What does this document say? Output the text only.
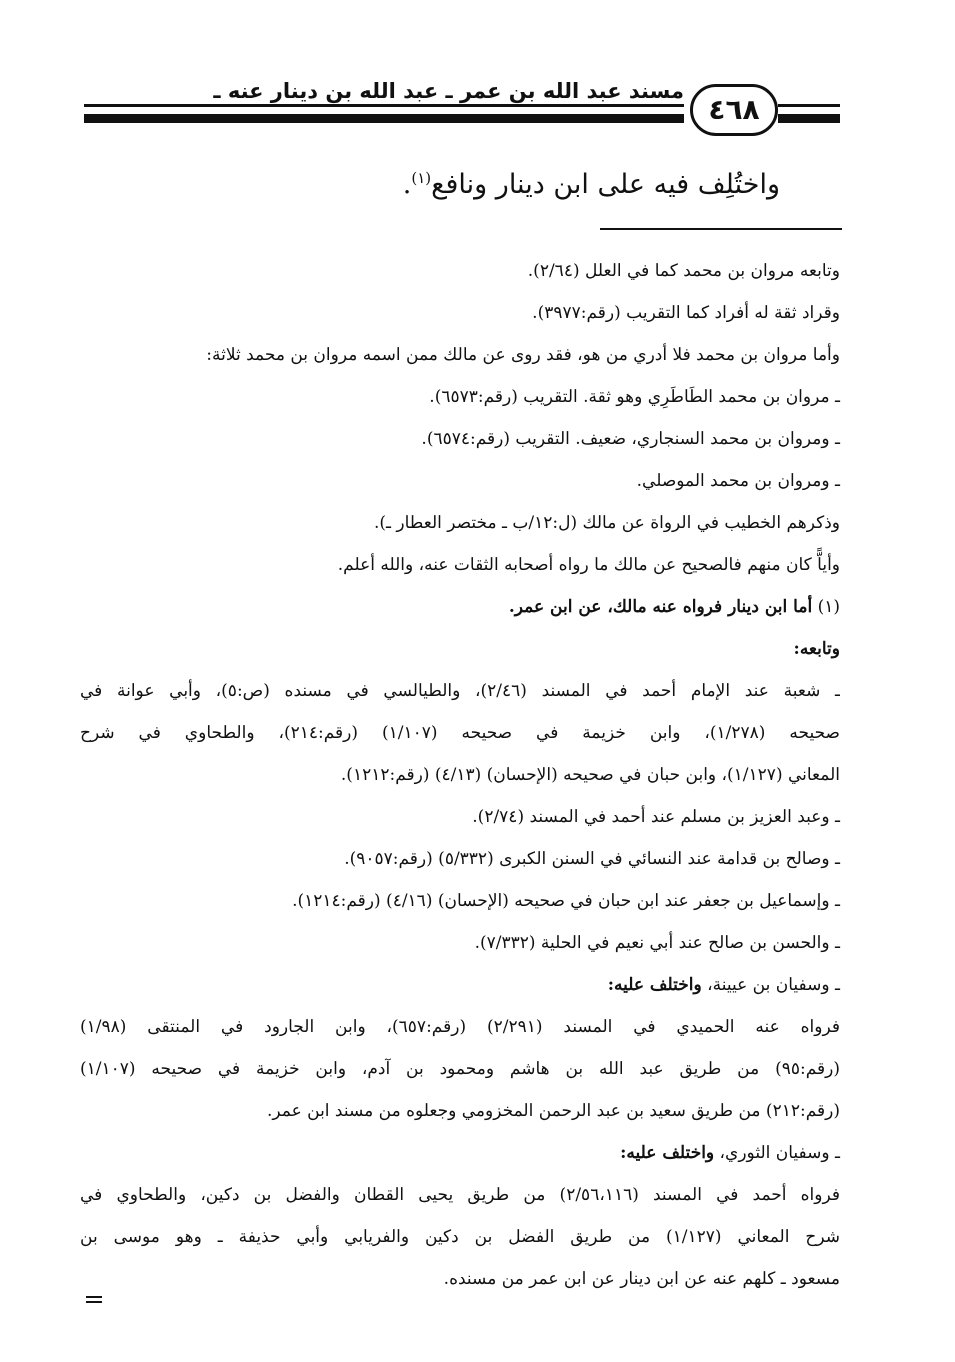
مسند عبد الله بن عمر ـ عبد الله بن دينار عنه ـ
٤٦٨
واختُلِف فيه على ابن دينار ونافع$^{(١)}$.
وتابعه مروان بن محمد كما في العلل (٢/٦٤).
وقراد ثقة له أفراد كما التقريب (رقم:٣٩٧٧).
وأما مروان بن محمد فلا أدري من هو، فقد روى عن مالك ممن اسمه مروان بن محمد ثلاثة:
ـ مروان بن محمد الطَاطَرِي وهو ثقة. التقريب (رقم:٦٥٧٣).
ـ ومروان بن محمد السنجاري، ضعيف. التقريب (رقم:٦٥٧٤).
ـ ومروان بن محمد الموصلي.
وذكرهم الخطيب في الرواة عن مالك (ل:١٢/ب ـ مختصر العطار ـ).
وأياًّ كان منهم فالصحيح عن مالك ما رواه أصحابه الثقات عنه، والله أعلم.
(١) أما ابن دينار فرواه عنه مالك، عن ابن عمر.
وتابعه:
ـ شعبة عند الإمام أحمد في المسند (٢/٤٦)، والطيالسي في مسنده (ص:٥)، وأبي عوانة في
صحيحه (١/٢٧٨)، وابن خزيمة في صحيحه (١/١٠٧) (رقم:٢١٤)، والطحاوي في شرح
المعاني (١/١٢٧)، وابن حبان في صحيحه (الإحسان) (٤/١٣) (رقم:١٢١٢).
ـ وعبد العزيز بن مسلم عند أحمد في المسند (٢/٧٤).
ـ وصالح بن قدامة عند النسائي في السنن الكبرى (٥/٣٣٢) (رقم:٩٠٥٧).
ـ وإسماعيل بن جعفر عند ابن حبان في صحيحه (الإحسان) (٤/١٦) (رقم:١٢١٤).
ـ والحسن بن صالح عند أبي نعيم في الحلية (٧/٣٣٢).
ـ وسفيان بن عيينة، واختلف عليه:
فرواه عنه الحميدي في المسند (٢/٢٩١) (رقم:٦٥٧)، وابن الجارود في المنتقى (١/٩٨)
(رقم:٩٥) من طريق عبد الله بن هاشم ومحمود بن آدم، وابن خزيمة في صحيحه (١/١٠٧)
(رقم:٢١٢) من طريق سعيد بن عبد الرحمن المخزومي وجعلوه من مسند ابن عمر.
ـ وسفيان الثوري، واختلف عليه:
فرواه أحمد في المسند (٢/٥٦،١١٦) من طريق يحيى القطان والفضل بن دكين، والطحاوي في
شرح المعاني (١/١٢٧) من طريق الفضل بن دكين والفريابي وأبي حذيفة ـ وهو موسى بن
مسعود ـ كلهم عنه عن ابن دينار عن ابن عمر من مسنده.
